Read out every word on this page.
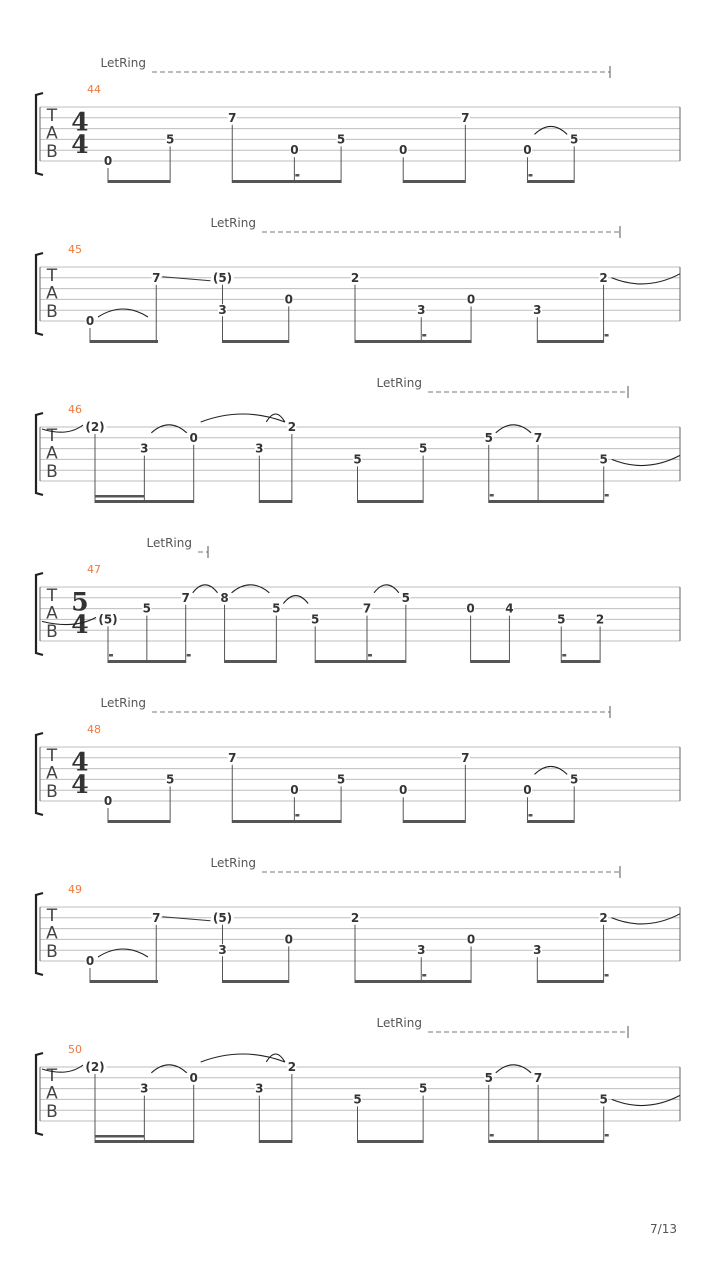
T
A
B
44
4
4
LetRing
0
5
7
0
5
0
7
0
5
T
A
B
45
LetRing
0
7	(5)
3
0
2
3
0
3
2
T
A
B
46
LetRing
(2)
3
0
3
2
5
5
5	7
5
T
A
B
47
5
4
LetRing
(5)
5
7	8
5
5
7
5
0	4
5	2
T
A
B
48
4
4
LetRing
0
5
7
0
5
0
7
0
5
T
A
B
49
LetRing
0
7	(5)
3
0
2
3
0
3
2
T
A
B
50
LetRing
(2)
3
0
3
2
5
5
5	7
5
7/13
